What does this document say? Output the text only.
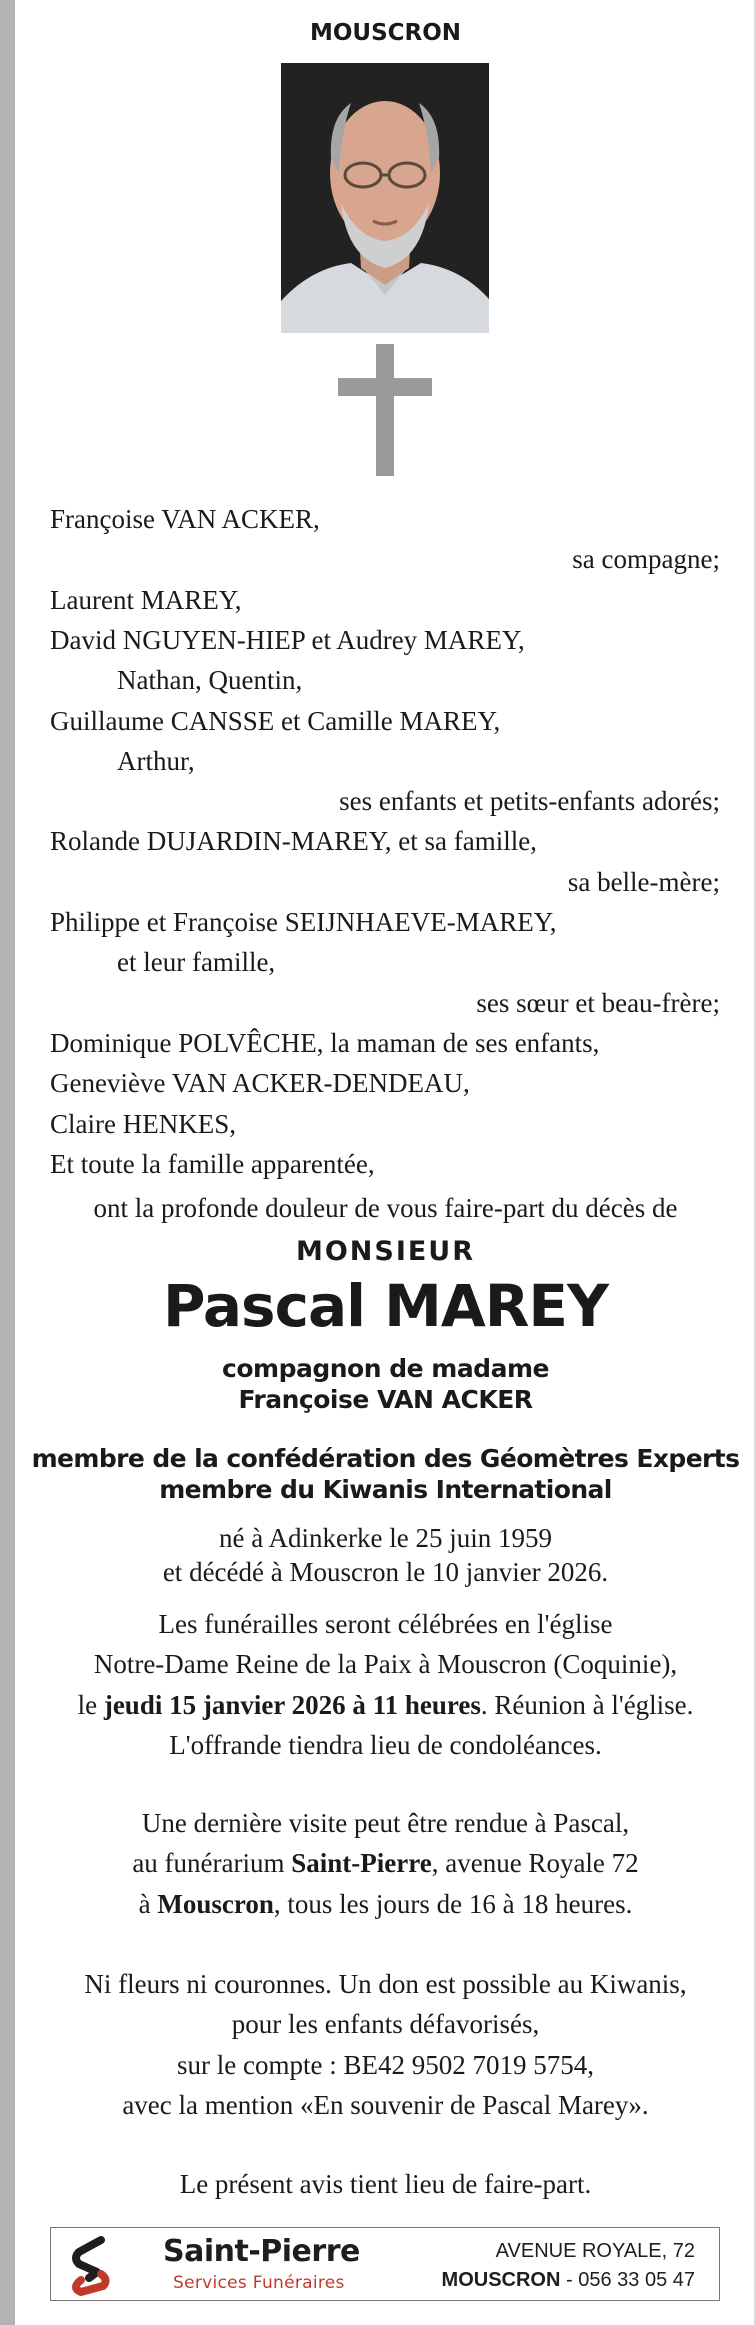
MOUSCRON
ont la profonde douleur de vous faire-part du décès de
MONSIEUR
Pascal MAREY
compagnon de madame
Françoise VAN ACKER
membre de la confédération des Géomètres Experts
membre du Kiwanis International
né à Adinkerke le 25 juin 1959
et décédé à Mouscron le 10 janvier 2026.
Les funérailles seront célébrées en l'église
Notre-Dame Reine de la Paix à Mouscron (Coquinie),
le jeudi 15 janvier 2026 à 11 heures. Réunion à l'église.
L'offrande tiendra lieu de condoléances.
Une dernière visite peut être rendue à Pascal,
au funérarium Saint-Pierre, avenue Royale 72
à Mouscron, tous les jours de 16 à 18 heures.
Ni fleurs ni couronnes. Un don est possible au Kiwanis,
pour les enfants défavorisés,
sur le compte : BE42 9502 7019 5754,
avec la mention «En souvenir de Pascal Marey».
Le présent avis tient lieu de faire-part.
Saint-Pierre
Services Funéraires
AVENUE ROYALE, 72
MOUSCRON - 056 33 05 47
Françoise VAN ACKER,
sa compagne;
Laurent MAREY,
David NGUYEN-HIEP et Audrey MAREY,
Nathan, Quentin,
Guillaume CANSSE et Camille MAREY,
Arthur,
ses enfants et petits-enfants adorés;
Rolande DUJARDIN-MAREY, et sa famille,
sa belle-mère;
Philippe et Françoise SEIJNHAEVE-MAREY,
et leur famille,
ses sœur et beau-frère;
Dominique POLVÊCHE, la maman de ses enfants,
Geneviève VAN ACKER-DENDEAU,
Claire HENKES,
Et toute la famille apparentée,
